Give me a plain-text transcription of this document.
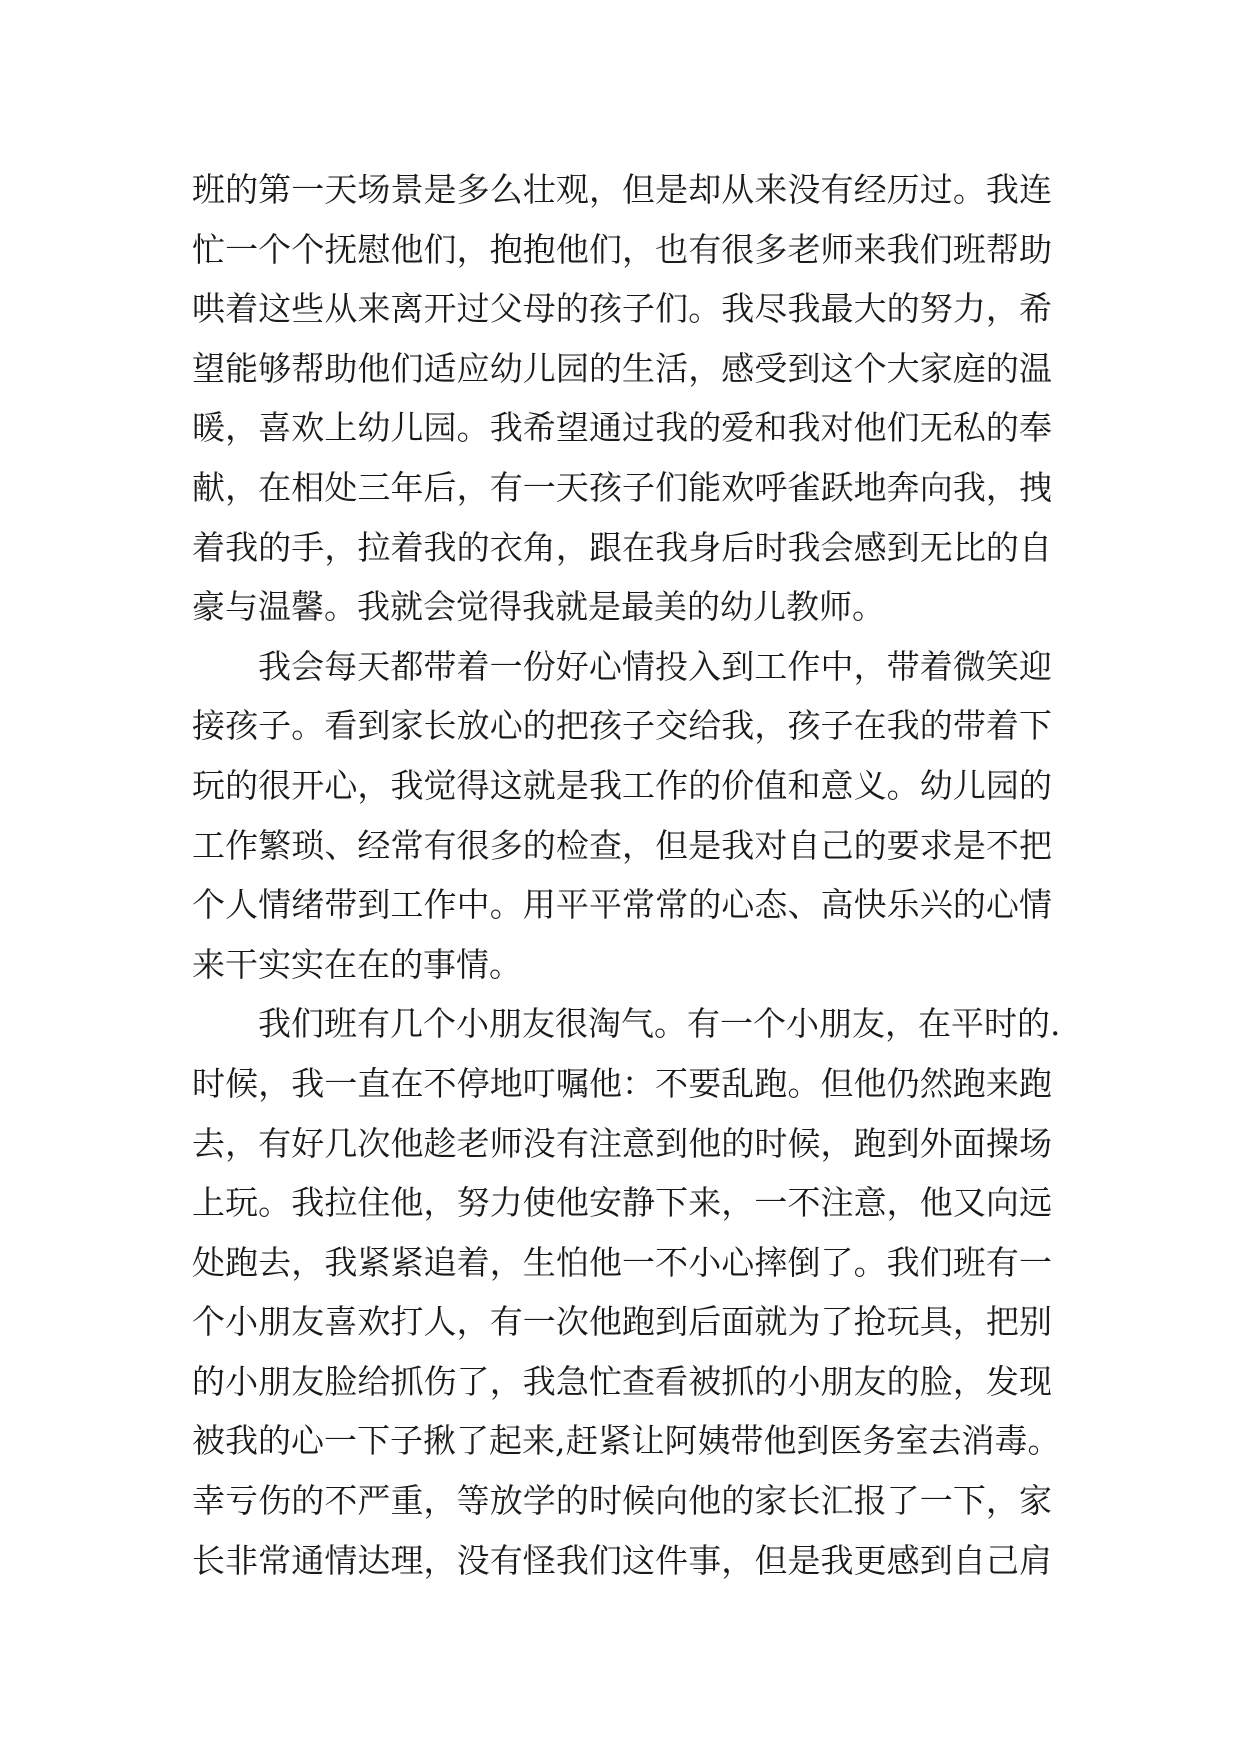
班的第一天场景是多么壮观，但是却从来没有经历过。我连
忙一个个抚慰他们，抱抱他们，也有很多老师来我们班帮助
哄着这些从来离开过父母的孩子们。我尽我最大的努力，希
望能够帮助他们适应幼儿园的生活，感受到这个大家庭的温
暖，喜欢上幼儿园。我希望通过我的爱和我对他们无私的奉
献，在相处三年后，有一天孩子们能欢呼雀跃地奔向我，拽
着我的手，拉着我的衣角，跟在我身后时我会感到无比的自
豪与温馨。我就会觉得我就是最美的幼儿教师。
我会每天都带着一份好心情投入到工作中，带着微笑迎
接孩子。看到家长放心的把孩子交给我，孩子在我的带着下
玩的很开心，我觉得这就是我工作的价值和意义。幼儿园的
工作繁琐、经常有很多的检查，但是我对自己的要求是不把
个人情绪带到工作中。用平平常常的心态、高快乐兴的心情
来干实实在在的事情。
我们班有几个小朋友很淘气。有一个小朋友，在平时的.
时候，我一直在不停地叮嘱他：不要乱跑。但他仍然跑来跑
去，有好几次他趁老师没有注意到他的时候，跑到外面操场
上玩。我拉住他，努力使他安静下来，一不注意，他又向远
处跑去，我紧紧追着，生怕他一不小心摔倒了。我们班有一
个小朋友喜欢打人，有一次他跑到后面就为了抢玩具，把别
的小朋友脸给抓伤了，我急忙查看被抓的小朋友的脸，发现
被我的心一下子揪了起来,赶紧让阿姨带他到医务室去消毒。
幸亏伤的不严重，等放学的时候向他的家长汇报了一下，家
长非常通情达理，没有怪我们这件事，但是我更感到自己肩
